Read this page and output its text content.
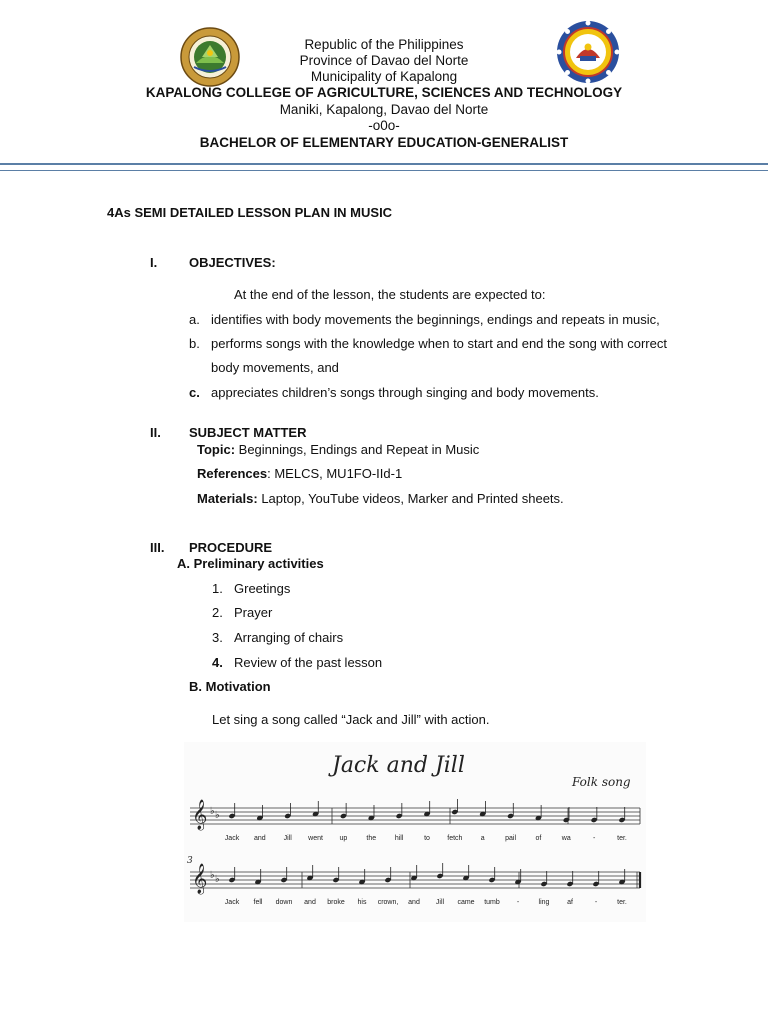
Republic of the Philippines
Province of Davao del Norte
Municipality of Kapalong
KAPALONG COLLEGE OF AGRICULTURE, SCIENCES AND TECHNOLOGY
Maniki, Kapalong, Davao del Norte
-o0o-
BACHELOR OF ELEMENTARY EDUCATION-GENERALIST
4As SEMI DETAILED LESSON PLAN IN MUSIC
I. OBJECTIVES:
At the end of the lesson, the students are expected to:
a. identifies with body movements the beginnings, endings and repeats in music,
b. performs songs with the knowledge when to start and end the song with correct
body movements, and
c. appreciates children’s songs through singing and body movements.
II. SUBJECT MATTER
Topic: Beginnings, Endings and Repeat in Music
References: MELCS, MU1FO-IId-1
Materials: Laptop, YouTube videos, Marker and Printed sheets.
III. PROCEDURE
A. Preliminary activities
1. Greetings
2. Prayer
3. Arranging of chairs
4. Review of the past lesson
B. Motivation
Let sing a song called “Jack and Jill” with action.
Jack and Jill
Folk song
3
𝄞 ♭ ♭
Jack and	Jill went up	the	hill	to fetch	a	pail	of	wa	-	ter.
𝄞 ♭ ♭
Jack fell down and broke his crown, and Jill came tumb -	ling	af	-	ter.
